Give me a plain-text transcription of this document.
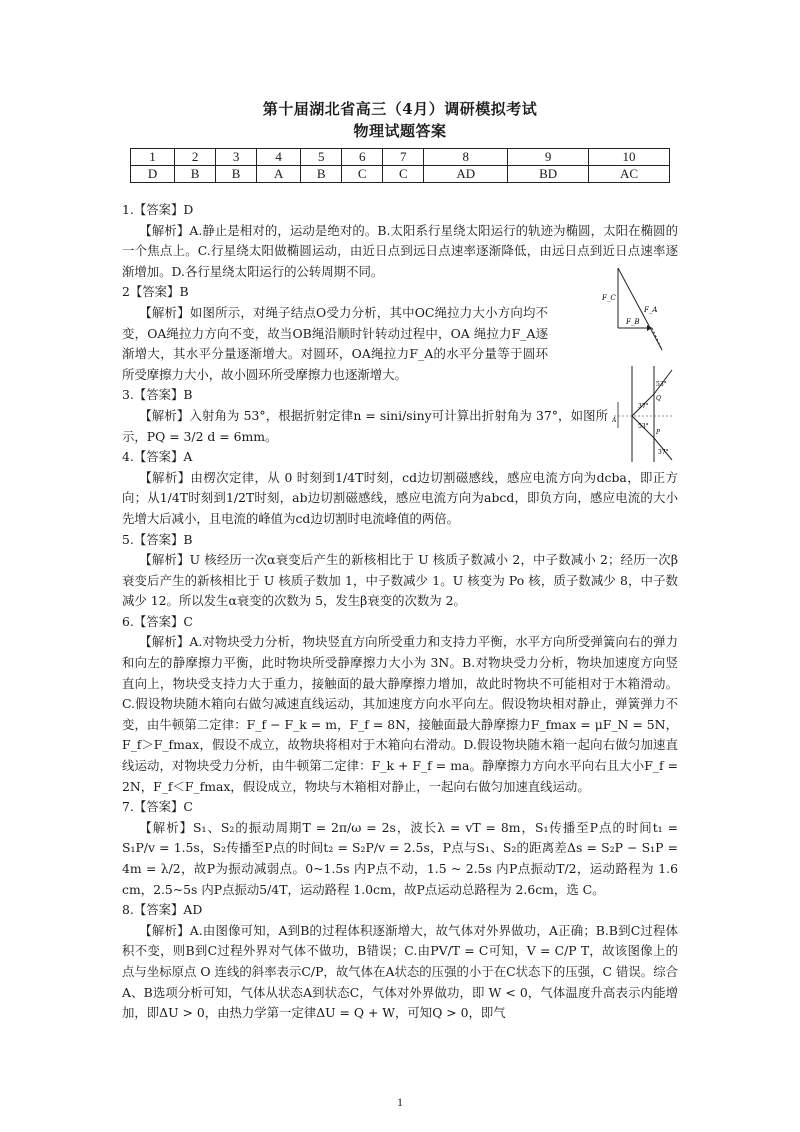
第十届湖北省高三（4月）调研模拟考试
物理试题答案
1	2	3	4	5	6	7	8	9	10
D	B	B	A	B	C	C	AD	BD	AC

1.【答案】D

【解析】A.静止是相对的，运动是绝对的。B.太阳系行星绕太阳运行的轨迹为椭圆，太阳在椭圆的一个焦点上。C.行星绕太阳做椭圆运动，由近日点到远日点速率逐渐降低，由远日点到近日点速率逐渐增加。D.各行星绕太阳运行的公转周期不同。

2【答案】B

【解析】如图所示，对绳子结点O受力分析，其中OC绳拉力大小方向均不变，OA绳拉力方向不变，故当OB绳沿顺时针转动过程中，OA 绳拉力F_A逐渐增大，其水平分量逐渐增大。对圆环，OA绳拉力F_A的水平分量等于圆环所受摩擦力大小，故小圆环所受摩擦力也逐渐增大。

3.【答案】B

【解析】入射角为 53°，根据折射定律n = sini/siny可计算出折射角为 37°，如图所示，PQ = 3/2 d = 6mm。

4.【答案】A

【解析】由楞次定律，从 0 时刻到1/4T时刻，cd边切割磁感线，感应电流方向为dcba，即正方向；从1/4T时刻到1/2T时刻，ab边切割磁感线，感应电流方向为abcd，即负方向，感应电流的大小先增大后减小，且电流的峰值为cd边切割时电流峰值的两倍。

5.【答案】B

【解析】U 核经历一次α衰变后产生的新核相比于 U 核质子数减小 2，中子数减小 2；经历一次β衰变后产生的新核相比于 U 核质子数加 1，中子数减少 1。U 核变为 Po 核，质子数减少 8，中子数减少 12。所以发生α衰变的次数为 5，发生β衰变的次数为 2。

6.【答案】C

【解析】A.对物块受力分析，物块竖直方向所受重力和支持力平衡，水平方向所受弹簧向右的弹力和向左的静摩擦力平衡，此时物块所受静摩擦力大小为 3N。B.对物块受力分析，物块加速度方向竖直向上，物块受支持力大于重力，接触面的最大静摩擦力增加，故此时物块不可能相对于木箱滑动。C.假设物块随木箱向右做匀减速直线运动，其加速度方向水平向左。假设物块相对静止，弹簧弹力不变，由牛顿第二定律：F_f − F_k = m，F_f = 8N，接触面最大静摩擦力F_fmax = μF_N = 5N，F_f＞F_fmax，假设不成立，故物块将相对于木箱向右滑动。D.假设物块随木箱一起向右做匀加速直线运动，对物块受力分析，由牛顿第二定律：F_k + F_f = ma。静摩擦力方向水平向右且大小F_f = 2N，F_f＜F_fmax，假设成立，物块与木箱相对静止，一起向右做匀加速直线运动。

7.【答案】C

【解析】S₁、S₂的振动周期T = 2π/ω = 2s，波长λ = vT = 8m，S₁传播至P点的时间t₁ = S₁P/v = 1.5s，S₂传播至P点的时间t₂ = S₂P/v = 2.5s，P点与S₁、S₂的距离差Δs = S₂P − S₁P = 4m = λ/2，故P为振动减弱点。0~1.5s 内P点不动，1.5 ~ 2.5s 内P点振动T/2，运动路程为 1.6 cm，2.5~5s 内P点振动5/4T，运动路程 1.0cm，故P点运动总路程为 2.6cm，选 C。

8.【答案】AD

【解析】A.由图像可知，A到B的过程体积逐渐增大，故气体对外界做功，A正确；B.B到C过程体积不变，则B到C过程外界对气体不做功，B错误；C.由PV/T = C可知，V = C/P T，故该图像上的点与坐标原点 O 连线的斜率表示C/P，故气体在A状态的压强的小于在C状态下的压强，C 错误。综合A、B选项分析可知，气体从状态A到状态C，气体对外界做功，即 W < 0，气体温度升高表示内能增加，即ΔU > 0，由热力学第一定律ΔU = Q + W，可知Q > 0，即气

F_C
F_A
F_B
53°
37°
53°
37°
Q
P
A
1
